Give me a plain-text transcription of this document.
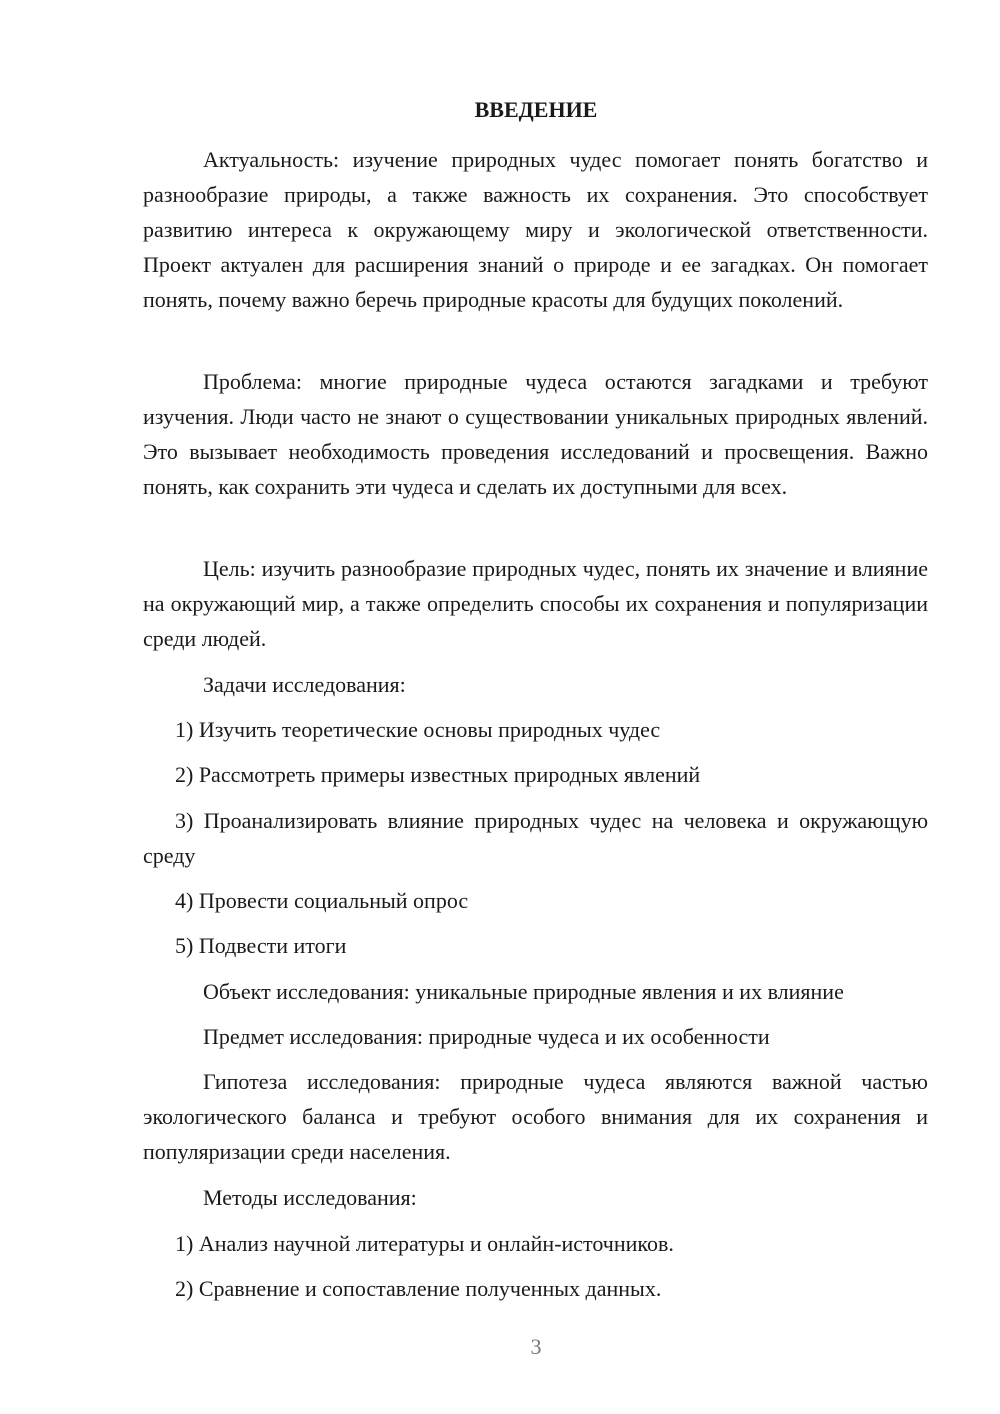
ВВЕДЕНИЕ

Актуальность: изучение природных чудес помогает понять богатство и разнообразие природы, а также важность их сохранения. Это способствует развитию интереса к окружающему миру и экологической ответственности. Проект актуален для расширения знаний о природе и ее загадках. Он помогает понять, почему важно беречь природные красоты для будущих поколений.

Проблема: многие природные чудеса остаются загадками и требуют изучения. Люди часто не знают о существовании уникальных природных явлений. Это вызывает необходимость проведения исследований и просвещения. Важно понять, как сохранить эти чудеса и сделать их доступными для всех.

Цель: изучить разнообразие природных чудес, понять их значение и влияние на окружающий мир, а также определить способы их сохранения и популяризации среди людей.

Задачи исследования:

1) Изучить теоретические основы природных чудес

2) Рассмотреть примеры известных природных явлений

3) Проанализировать влияние природных чудес на человека и окружающую среду

4) Провести социальный опрос

5) Подвести итоги

Объект исследования: уникальные природные явления и их влияние

Предмет исследования: природные чудеса и их особенности

Гипотеза исследования: природные чудеса являются важной частью экологического баланса и требуют особого внимания для их сохранения и популяризации среди населения.

Методы исследования:

1) Анализ научной литературы и онлайн-источников.

2) Сравнение и сопоставление полученных данных.

3
